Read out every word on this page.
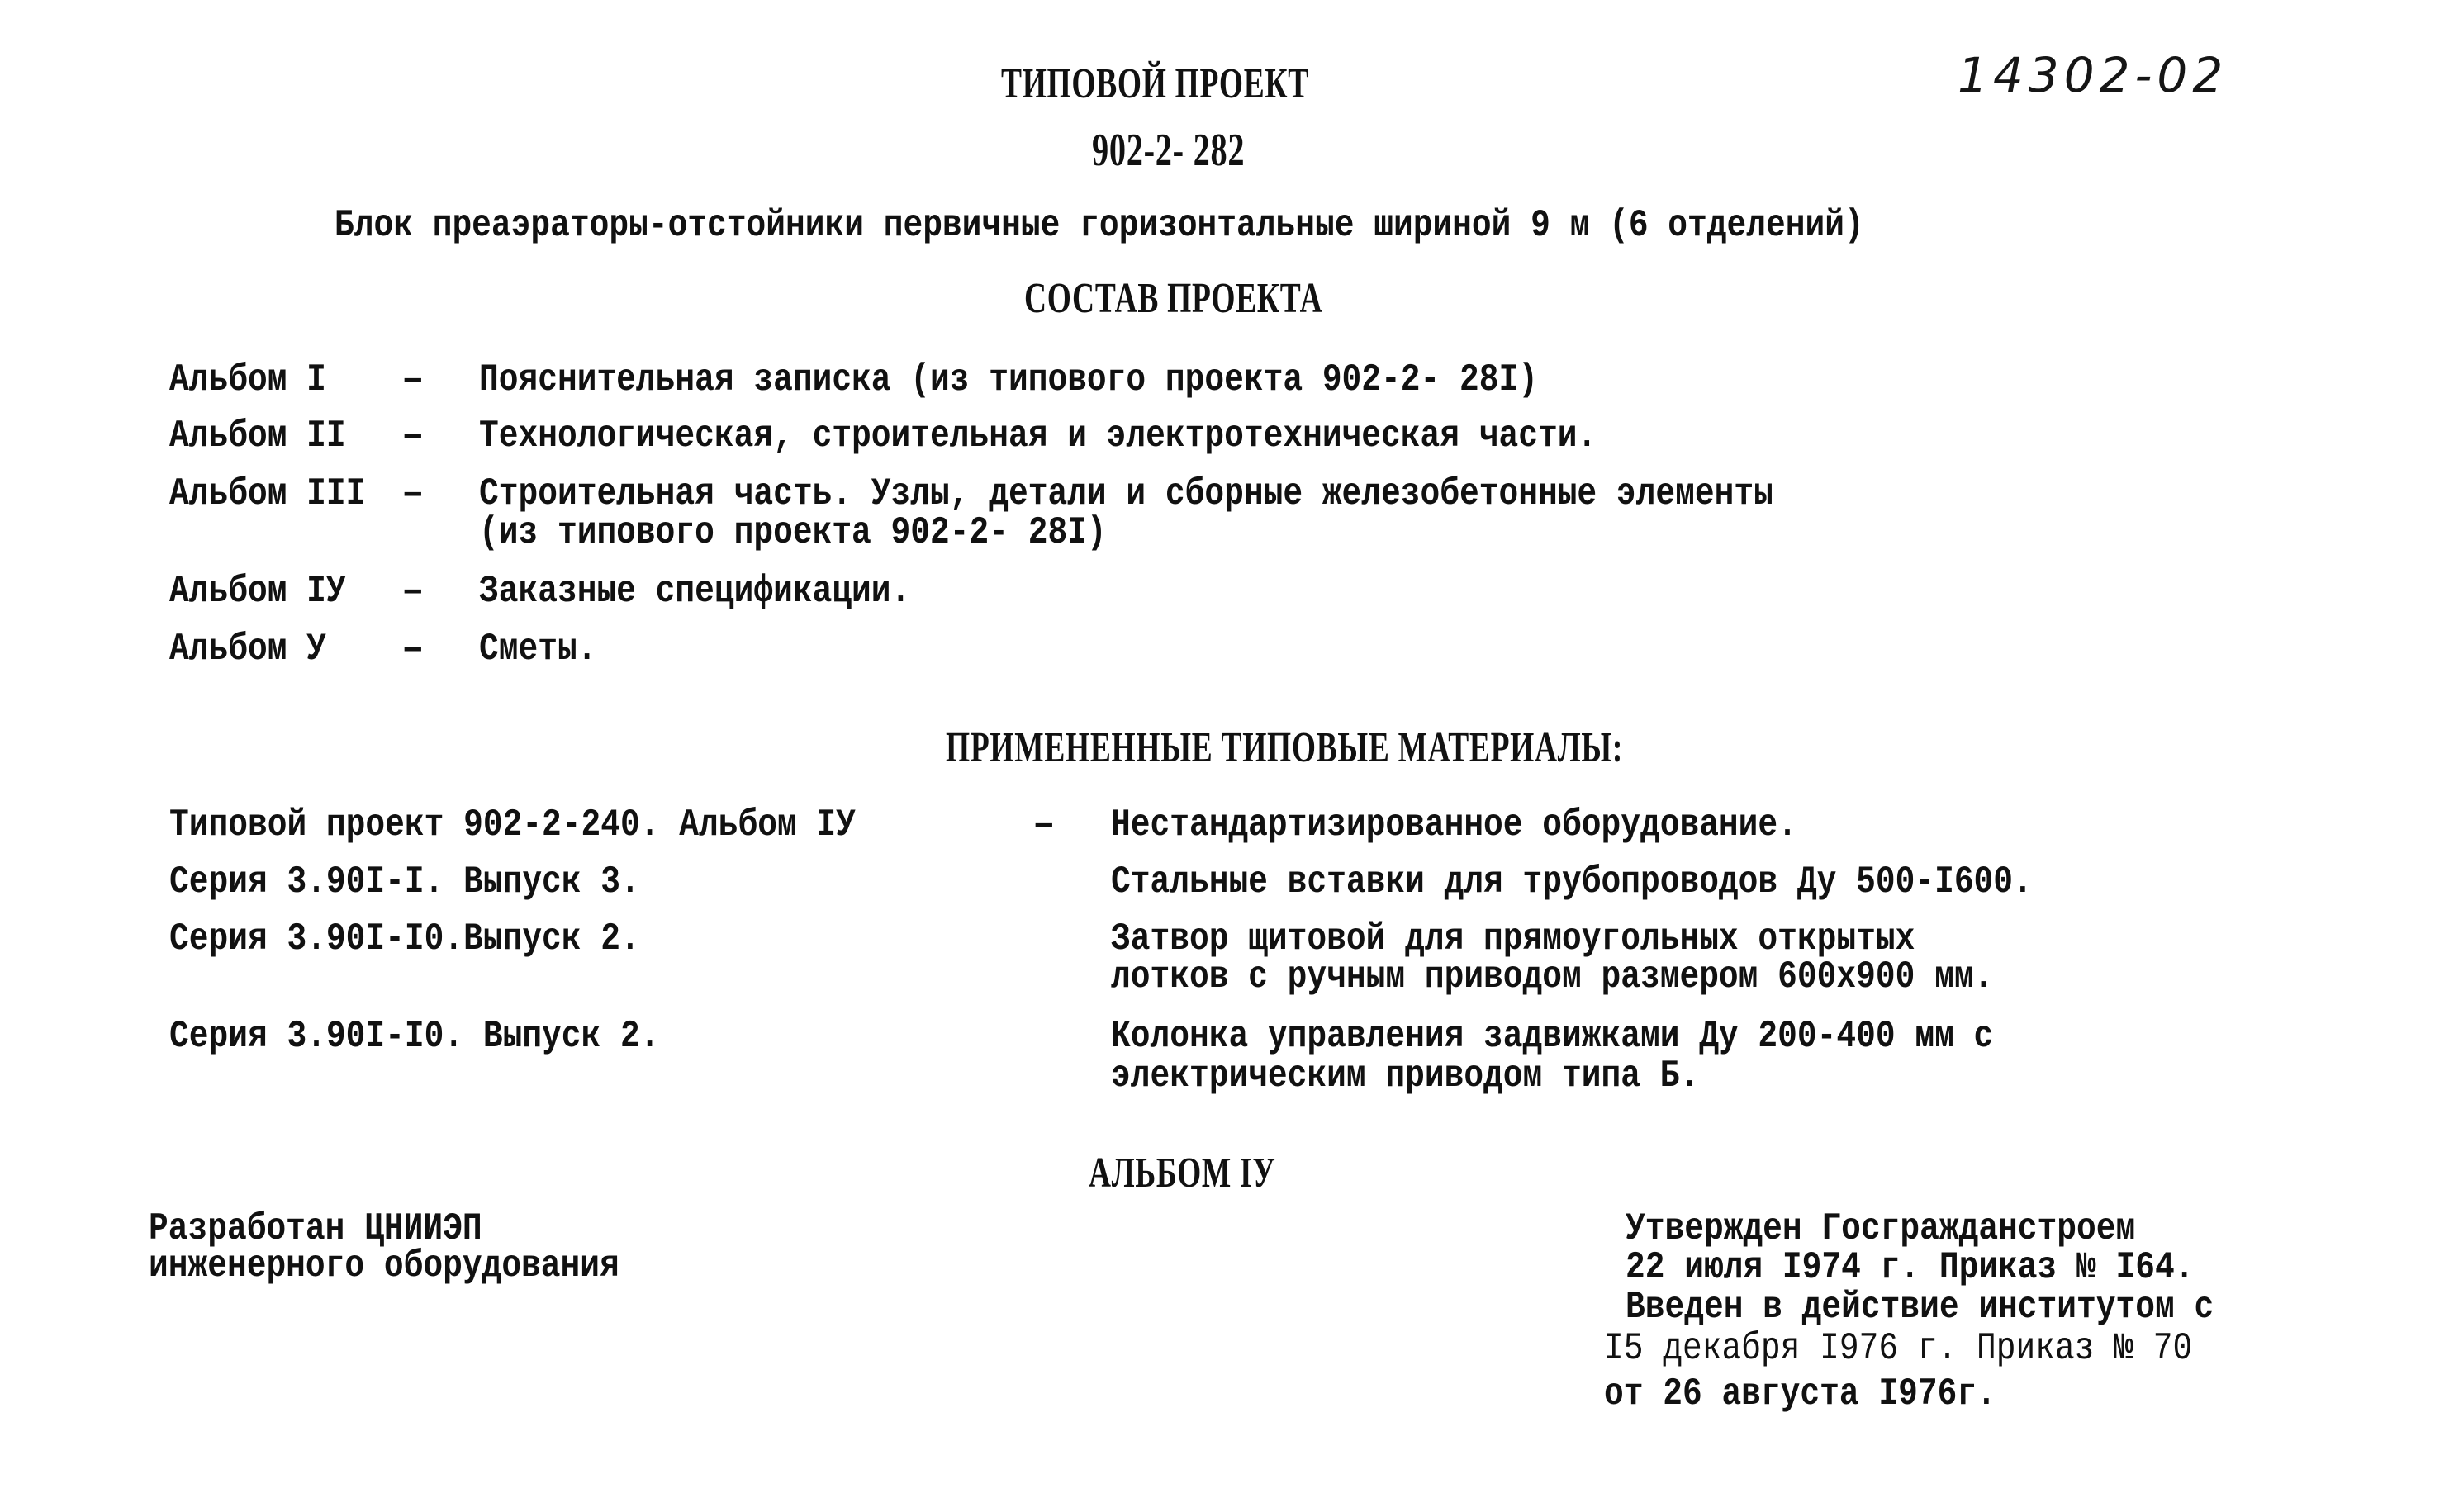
ТИПОВОЙ ПРОЕКТ
902-2- 282
14302-02
Блок преаэраторы-отстойники первичные горизонтальные шириной 9 м (6 отделений)
СОСТАВ ПРОЕКТА
Альбом I – Пояснительная записка (из типового проекта 902-2- 28I)
Альбом II – Технологическая, строительная и электротехническая части.
Альбом III – Строительная часть. Узлы, детали и сборные железобетонные элементы
(из типового проекта 902-2- 28I)
Альбом IУ – Заказные спецификации.
Альбом У – Сметы.
ПРИМЕНЕННЫЕ ТИПОВЫЕ МАТЕРИАЛЫ:
Типовой проект 902-2-240. Альбом IУ	– Нестандартизированное оборудование.
Серия 3.90I-I. Выпуск 3.	Стальные вставки для трубопроводов Ду 500-I600.
Серия 3.90I-I0.Выпуск 2.	Затвор щитовой для прямоугольных открытых
лотков с ручным приводом размером 600х900 мм.
Серия 3.90I-I0. Выпуск 2.	Колонка управления задвижками Ду 200-400 мм с
электрическим приводом типа Б.
АЛЬБОМ IУ
Разработан ЦНИИЭП
инженерного оборудования
Утвержден Госгражданстроем
22 июля I974 г. Приказ № I64.
Введен в действие институтом с
I5 декабря I976 г. Приказ № 70
от 26 августа I976г.
